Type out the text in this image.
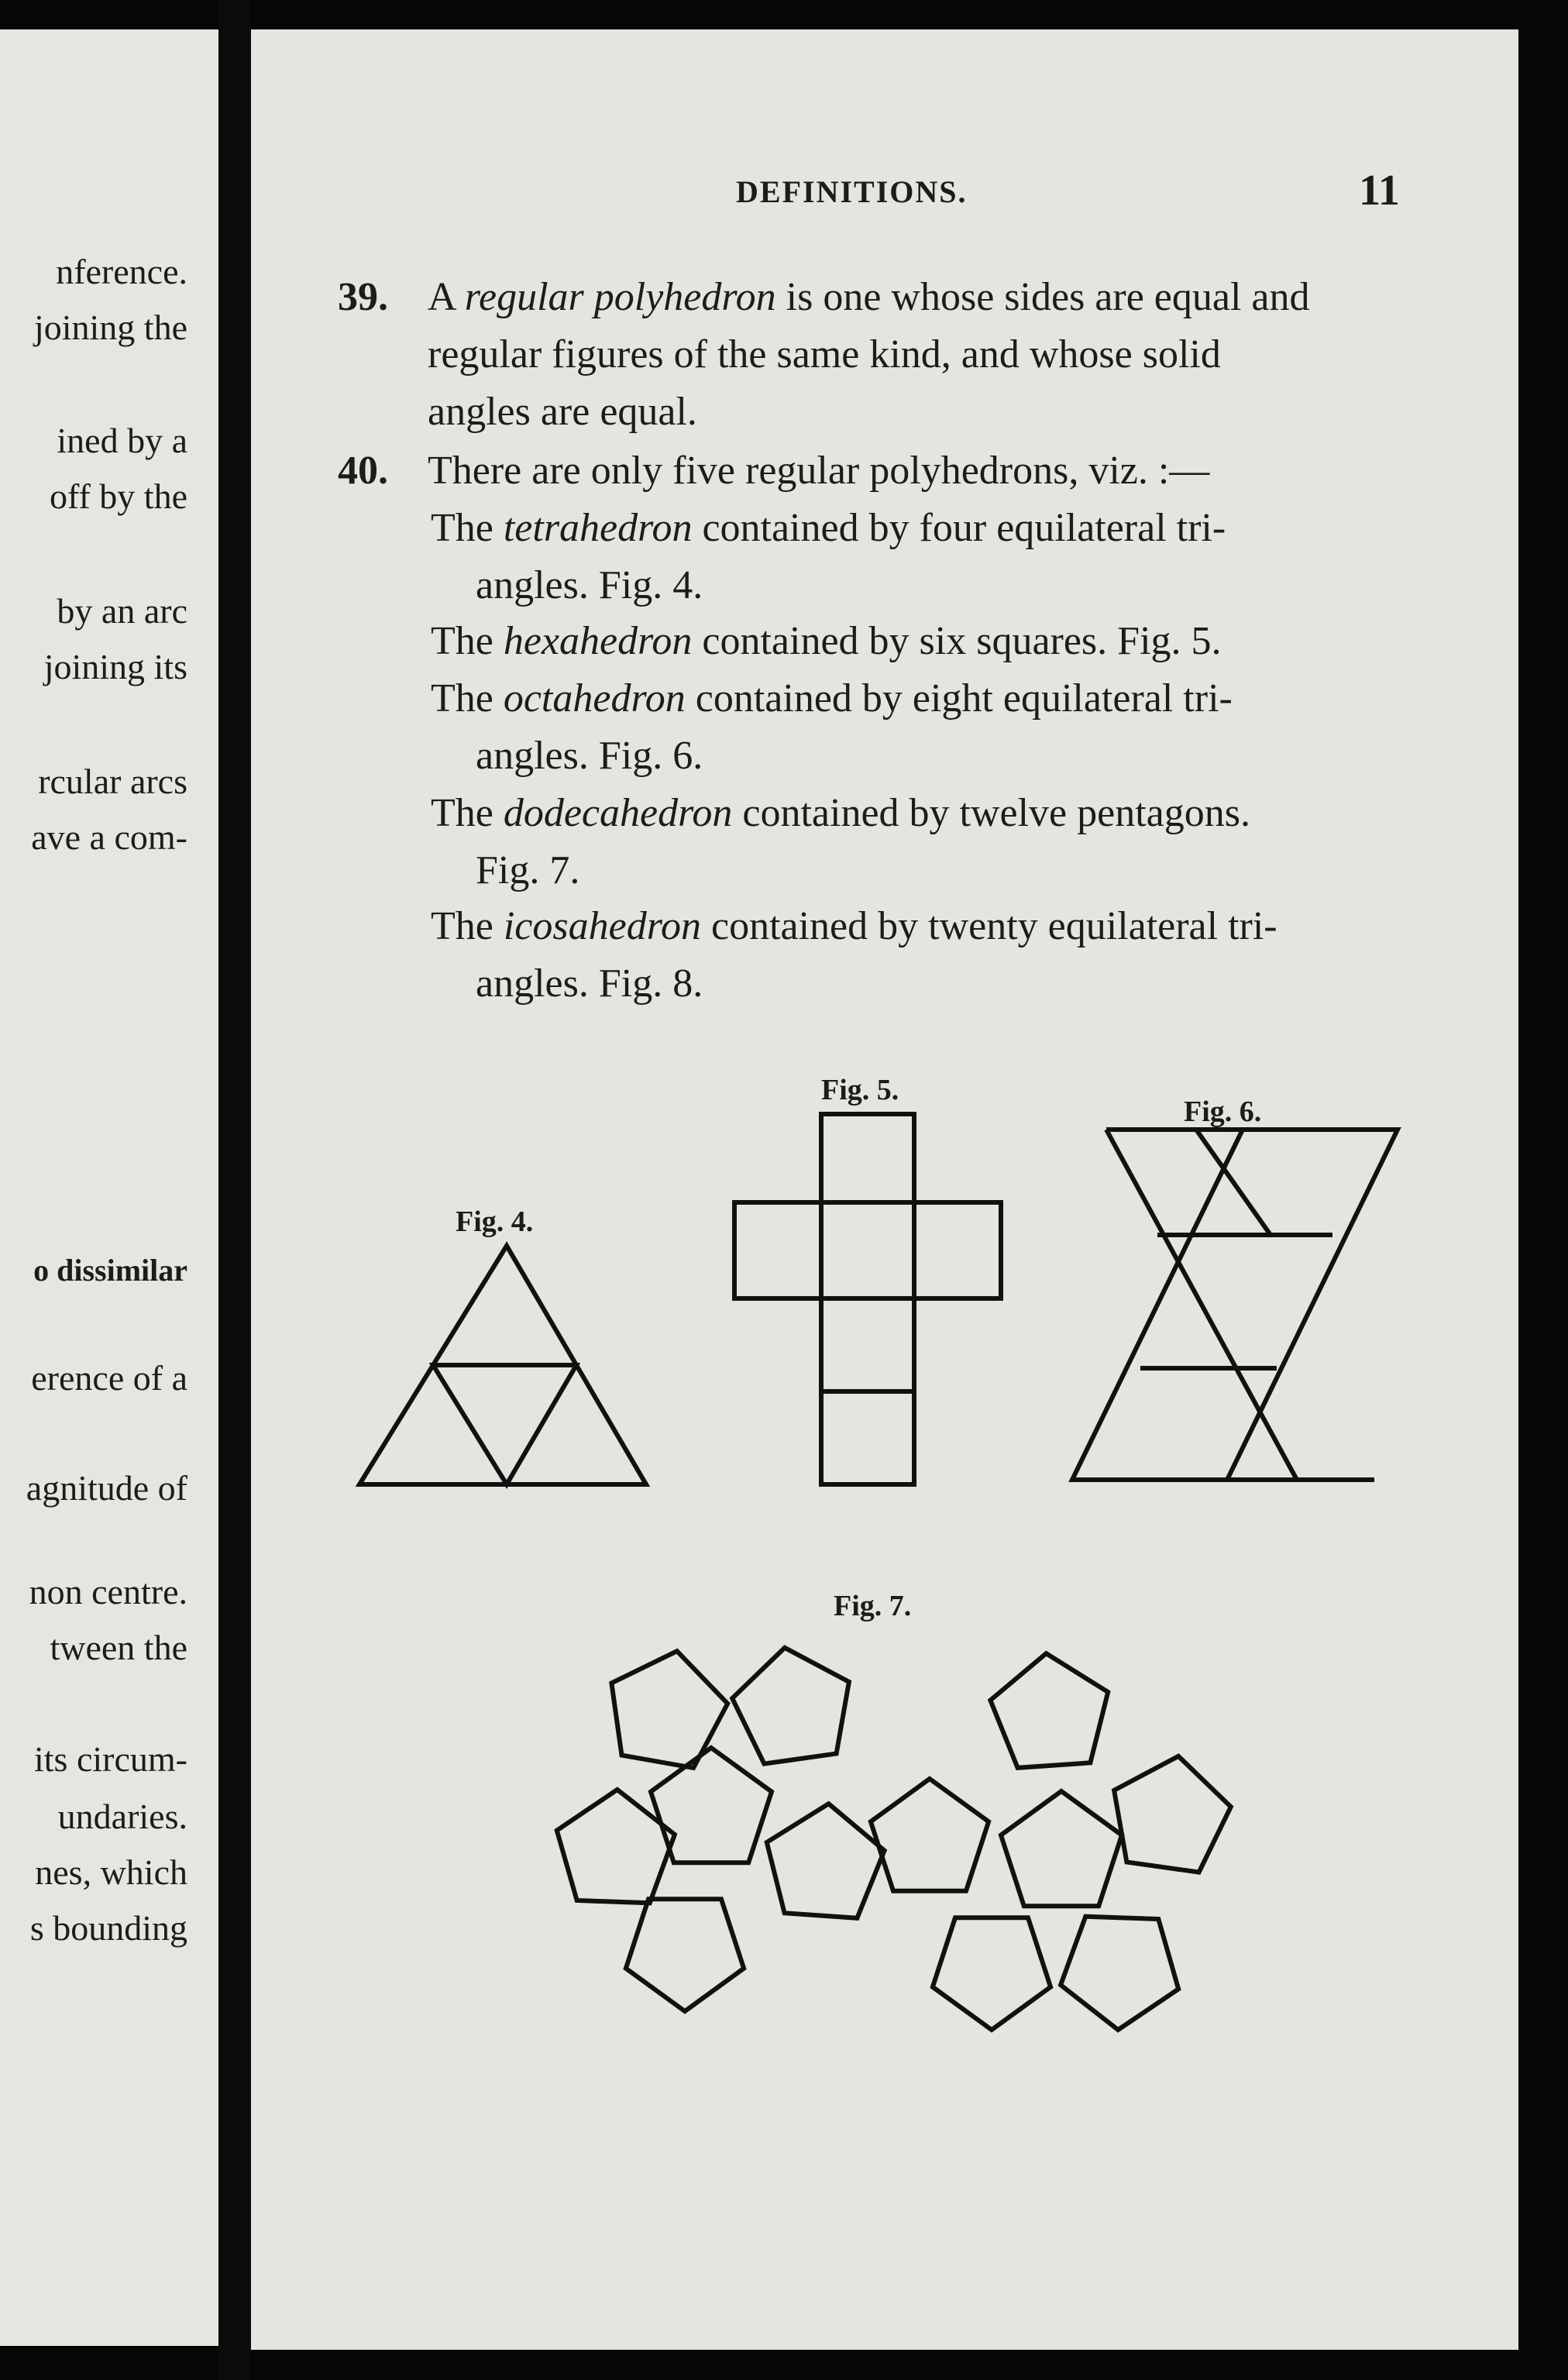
nference.
joining the
ined by a
off by the
by an arc
joining its
rcular arcs
ave a com-
o dissimilar
erence of a
agnitude of
non centre.
tween the
its circum-
undaries.
nes, which
s bounding
DEFINITIONS.	11
39. A regular polyhedron is one whose sides are equal and
regular figures of the same kind, and whose solid
angles are equal.
40. There are only five regular polyhedrons, viz. :—
The tetrahedron contained by four equilateral tri-
angles. Fig. 4.
The hexahedron contained by six squares. Fig. 5.
The octahedron contained by eight equilateral tri-
angles. Fig. 6.
The dodecahedron contained by twelve pentagons.
Fig. 7.
The icosahedron contained by twenty equilateral tri-
angles. Fig. 8.
Fig. 4.
Fig. 5.
Fig. 6.
Fig. 7.
